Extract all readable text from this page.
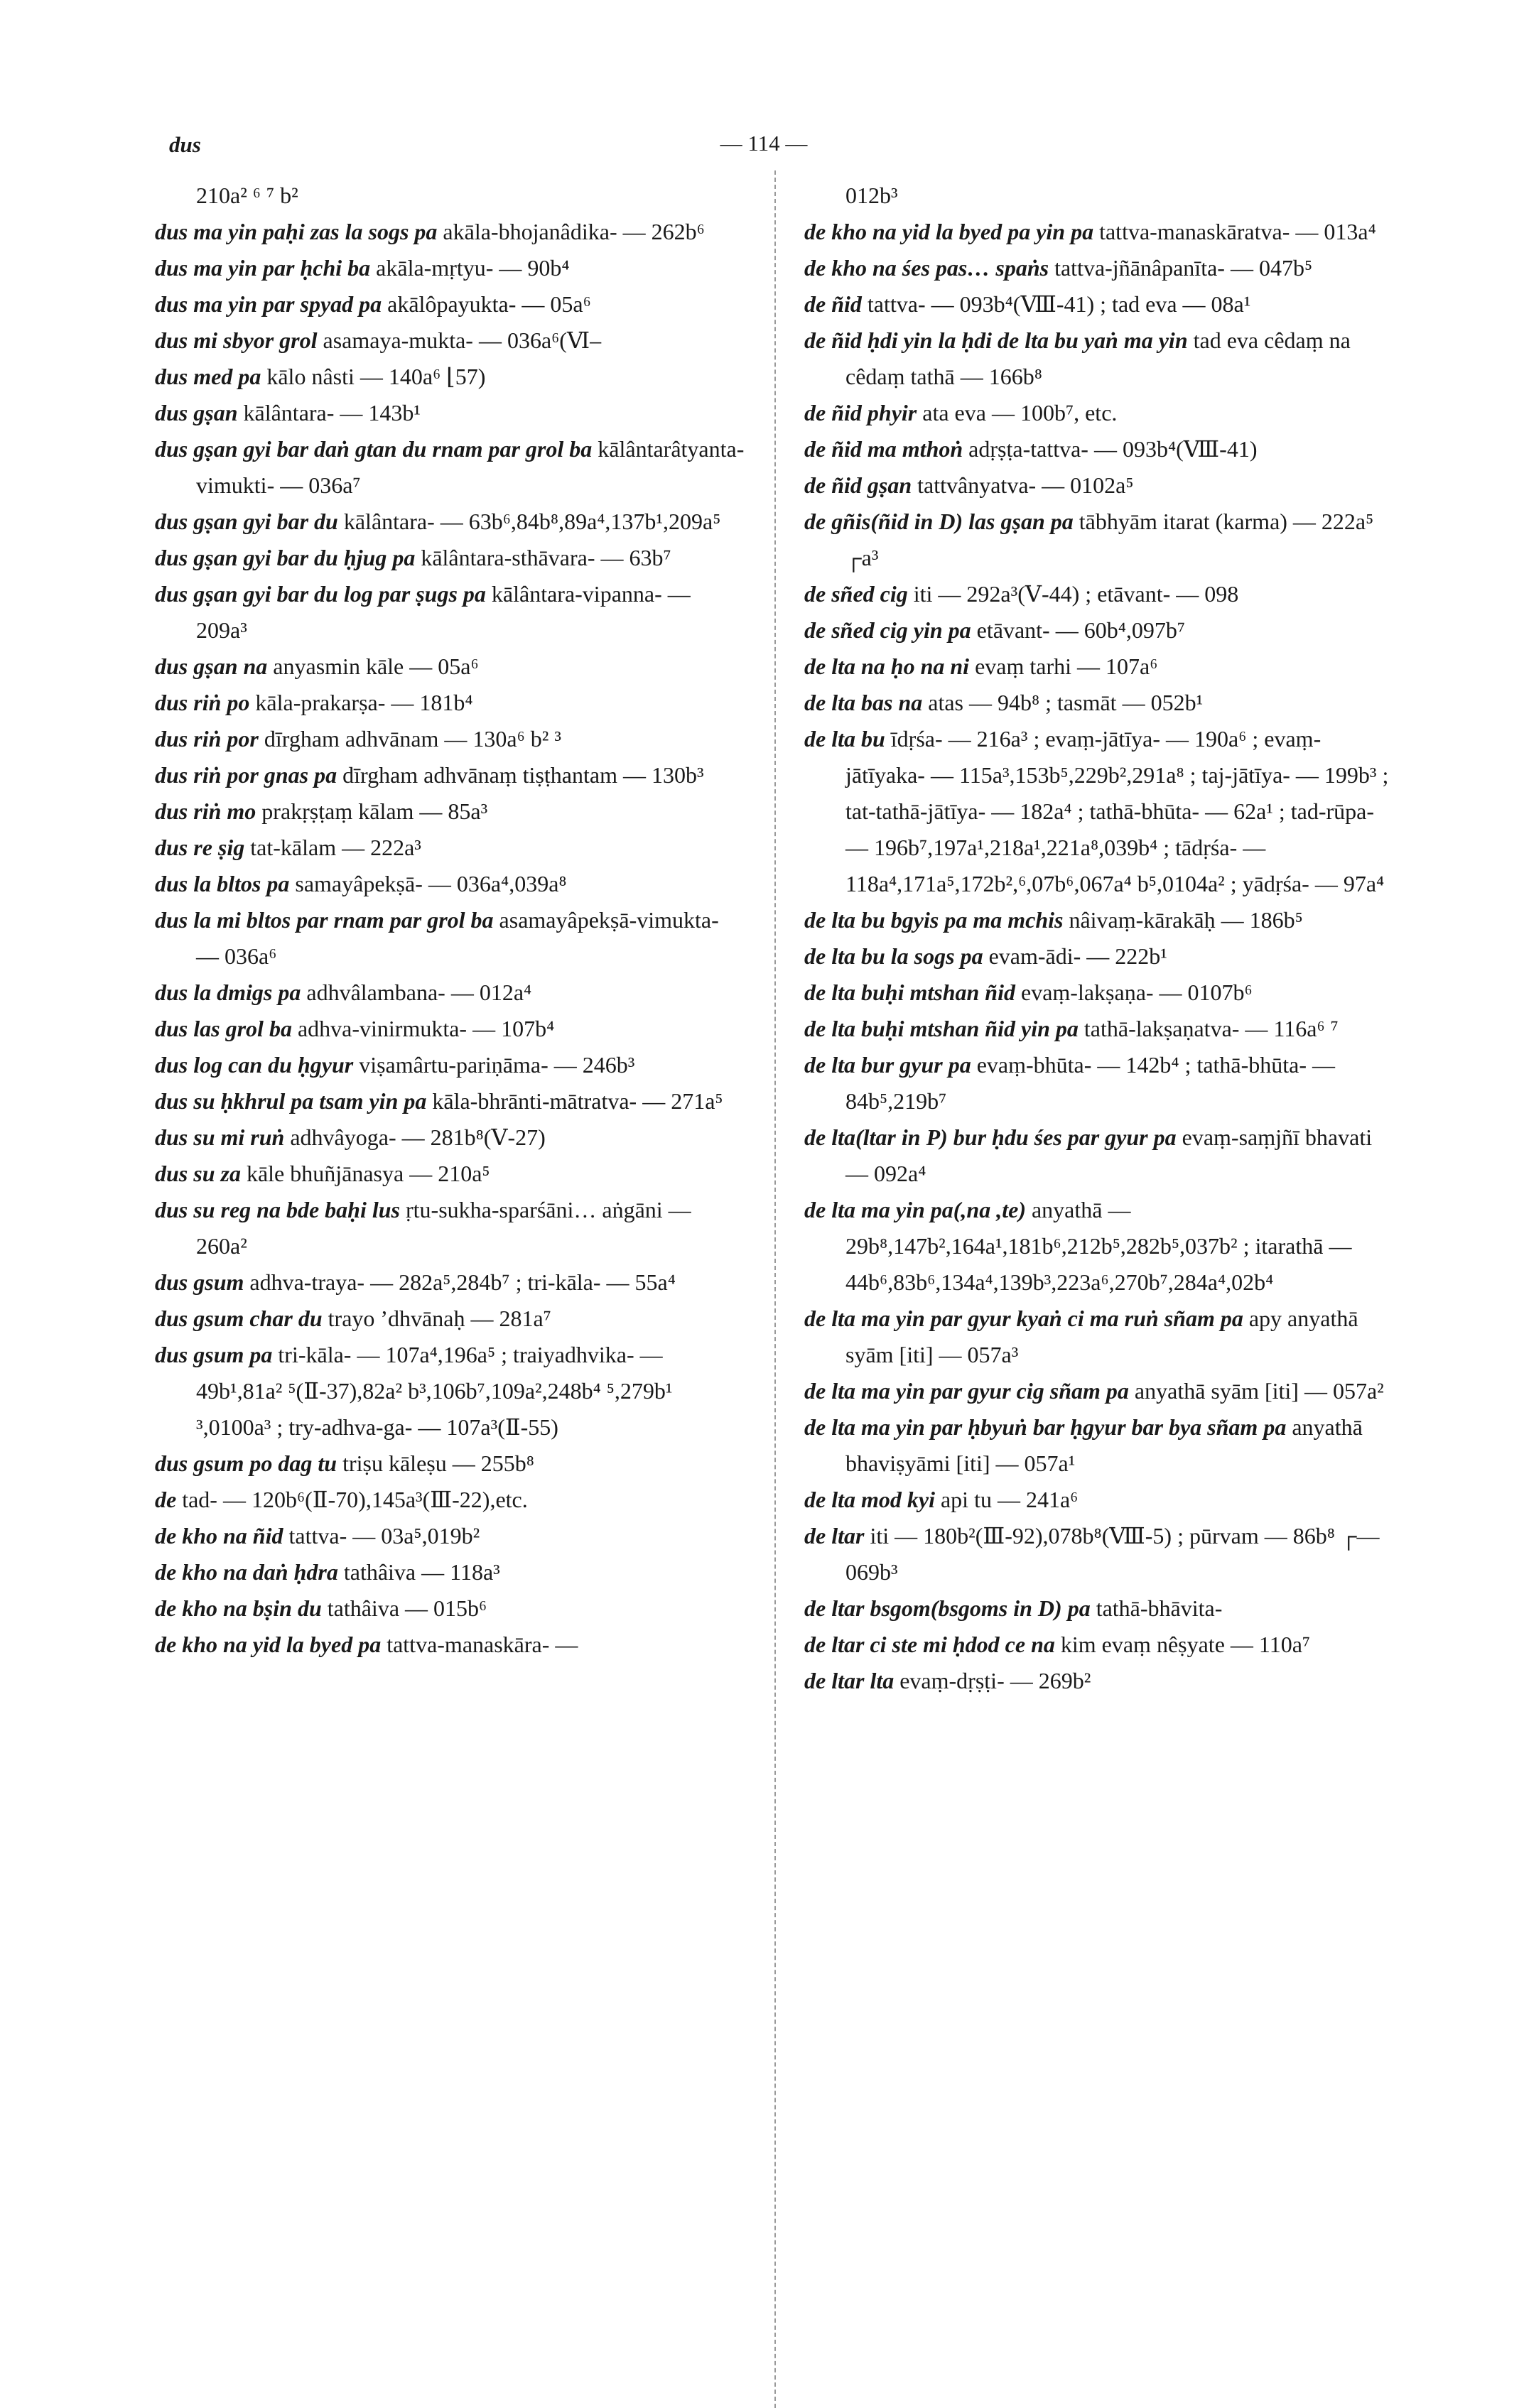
dus	— 114 —

210a² ⁶ ⁷ b²

dus ma yin paḥi zas la sogs pa akāla-bhojanâdika- — 262b⁶

dus ma yin par ḥchi ba akāla-mṛtyu- — 90b⁴

dus ma yin par spyad pa akālôpayukta- — 05a⁶

dus mi sbyor grol asamaya-mukta- — 036a⁶(Ⅵ–

dus med pa kālo nâsti — 140a⁶ ⌊57)

dus gṣan kālântara- — 143b¹

dus gṣan gyi bar daṅ gtan du rnam par grol ba kālântarâtyanta-vimukti- — 036a⁷

dus gṣan gyi bar du kālântara- — 63b⁶,84b⁸,89a⁴,137b¹,209a⁵

dus gṣan gyi bar du ḥjug pa kālântara-sthāvara- — 63b⁷

dus gṣan gyi bar du log par ṣugs pa kālântara-vipanna- — 209a³

dus gṣan na anyasmin kāle — 05a⁶

dus riṅ po kāla-prakarṣa- — 181b⁴

dus riṅ por dīrgham adhvānam — 130a⁶ b² ³

dus riṅ por gnas pa dīrgham adhvānaṃ tiṣṭhantam — 130b³

dus riṅ mo prakṛṣṭaṃ kālam — 85a³

dus re ṣig tat-kālam — 222a³

dus la bltos pa samayâpekṣā- — 036a⁴,039a⁸

dus la mi bltos par rnam par grol ba asamayâpekṣā-vimukta- — 036a⁶

dus la dmigs pa adhvâlambana- — 012a⁴

dus las grol ba adhva-vinirmukta- — 107b⁴

dus log can du ḥgyur viṣamârtu-pariṇāma- — 246b³

dus su ḥkhrul pa tsam yin pa kāla-bhrānti-mātratva- — 271a⁵

dus su mi ruṅ adhvâyoga- — 281b⁸(Ⅴ-27)

dus su za kāle bhuñjānasya — 210a⁵

dus su reg na bde baḥi lus ṛtu-sukha-sparśāni… aṅgāni — 260a²

dus gsum adhva-traya- — 282a⁵,284b⁷ ; tri-kāla- — 55a⁴

dus gsum char du trayo ’dhvānaḥ — 281a⁷

dus gsum pa tri-kāla- — 107a⁴,196a⁵ ; traiyadhvika- — 49b¹,81a² ⁵(Ⅱ-37),82a² b³,106b⁷,109a²,248b⁴ ⁵,279b¹ ³,0100a³ ; try-adhva-ga- — 107a³(Ⅱ-55)

dus gsum po dag tu triṣu kāleṣu — 255b⁸

de tad- — 120b⁶(Ⅱ-70),145a³(Ⅲ-22),etc.

de kho na ñid tattva- — 03a⁵,019b²

de kho na daṅ ḥdra tathâiva — 118a³

de kho na bṣin du tathâiva — 015b⁶

de kho na yid la byed pa tattva-manaskāra- —

012b³

de kho na yid la byed pa yin pa tattva-manaskāratva- — 013a⁴

de kho na śes pas… spaṅs tattva-jñānâpanīta- — 047b⁵

de ñid tattva- — 093b⁴(Ⅷ-41) ; tad eva — 08a¹

de ñid ḥdi yin la ḥdi de lta bu yaṅ ma yin tad eva cêdaṃ na cêdaṃ tathā — 166b⁸

de ñid phyir ata eva — 100b⁷, etc.

de ñid ma mthoṅ adṛṣṭa-tattva- — 093b⁴(Ⅷ-41)

de ñid gṣan tattvânyatva- — 0102a⁵

de gñis(ñid in D) las gṣan pa tābhyām itarat (karma) — 222a⁵ ┌a³

de sñed cig iti — 292a³(Ⅴ-44) ; etāvant- — 098

de sñed cig yin pa etāvant- — 60b⁴,097b⁷

de lta na ḥo na ni evaṃ tarhi — 107a⁶

de lta bas na atas — 94b⁸ ; tasmāt — 052b¹

de lta bu īdṛśa- — 216a³ ; evaṃ-jātīya- — 190a⁶ ; evaṃ-jātīyaka- — 115a³,153b⁵,229b²,291a⁸ ; taj-jātīya- — 199b³ ; tat-tathā-jātīya- — 182a⁴ ; tathā-bhūta- — 62a¹ ; tad-rūpa- — 196b⁷,197a¹,218a¹,221a⁸,039b⁴ ; tādṛśa- — 118a⁴,171a⁵,172b²,⁶,07b⁶,067a⁴ b⁵,0104a² ; yādṛśa- — 97a⁴

de lta bu bgyis pa ma mchis nâivaṃ-kārakāḥ — 186b⁵

de lta bu la sogs pa evam-ādi- — 222b¹

de lta buḥi mtshan ñid evaṃ-lakṣaṇa- — 0107b⁶

de lta buḥi mtshan ñid yin pa tathā-lakṣaṇatva- — 116a⁶ ⁷

de lta bur gyur pa evaṃ-bhūta- — 142b⁴ ; tathā-bhūta- — 84b⁵,219b⁷

de lta(ltar in P) bur ḥdu śes par gyur pa evaṃ-saṃjñī bhavati — 092a⁴

de lta ma yin pa(,na ,te) anyathā — 29b⁸,147b²,164a¹,181b⁶,212b⁵,282b⁵,037b² ; itarathā — 44b⁶,83b⁶,134a⁴,139b³,223a⁶,270b⁷,284a⁴,02b⁴

de lta ma yin par gyur kyaṅ ci ma ruṅ sñam pa apy anyathā syām [iti] — 057a³

de lta ma yin par gyur cig sñam pa anyathā syām [iti] — 057a²

de lta ma yin par ḥbyuṅ bar ḥgyur bar bya sñam pa anyathā bhaviṣyāmi [iti] — 057a¹

de lta mod kyi api tu — 241a⁶

de ltar iti — 180b²(Ⅲ-92),078b⁸(Ⅷ-5) ; pūrvam — 86b⁸ ┌— 069b³

de ltar bsgom(bsgoms in D) pa tathā-bhāvita-

de ltar ci ste mi ḥdod ce na kim evaṃ nêṣyate — 110a⁷

de ltar lta evaṃ-dṛṣṭi- — 269b²
